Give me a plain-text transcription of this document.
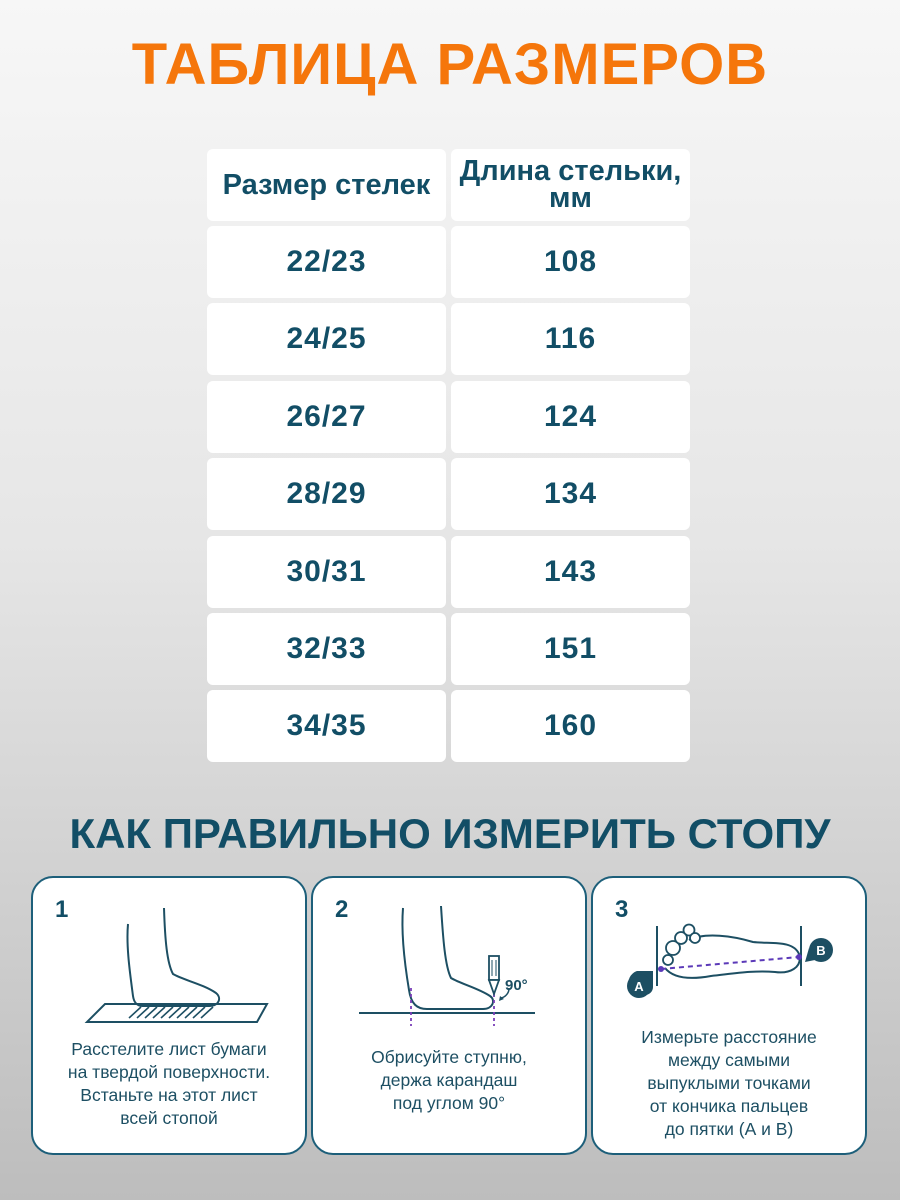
ТАБЛИЦА РАЗМЕРОВ
Размер стелек	Длина стельки, мм
22/23	108
24/25	116
26/27	124
28/29	134
30/31	143
32/33	151
34/35	160
КАК ПРАВИЛЬНО ИЗМЕРИТЬ СТОПУ
1
Расстелите лист бумаги
на твердой поверхности.
Встаньте на этот лист
всей стопой
2
90°
Обрисуйте ступню,
держа карандаш
под углом 90°
3
A
B
Измерьте расстояние
между самыми
выпуклыми точками
от кончика пальцев
до пятки (А и В)
